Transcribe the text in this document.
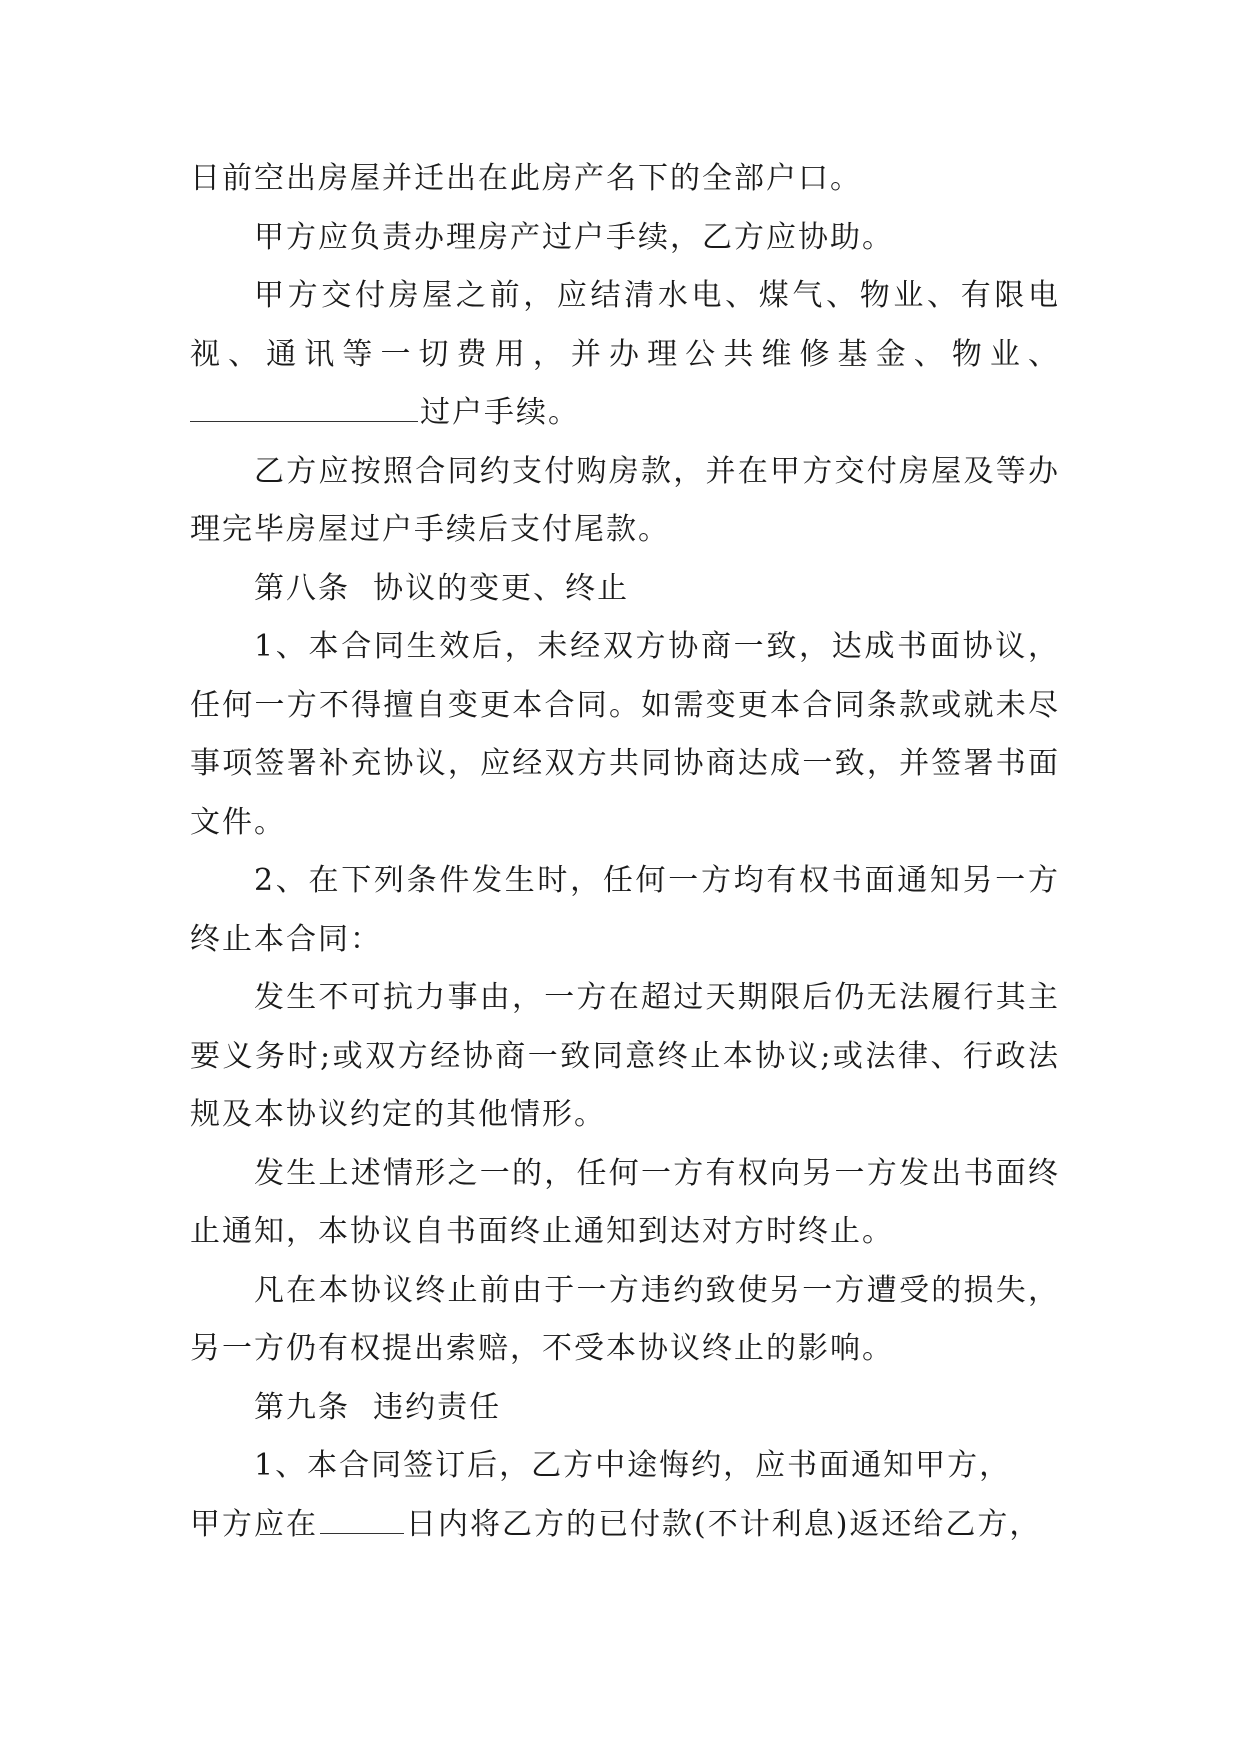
日前空出房屋并迁出在此房产名下的全部户口。

甲方应负责办理房产过户手续，乙方应协助。

甲方交付房屋之前，应结清水电、煤气、物业、有限电视、通讯等一切费用，并办理公共维修基金、物业、过户手续。

乙方应按照合同约支付购房款，并在甲方交付房屋及等办理完毕房屋过户手续后支付尾款。

第八条  协议的变更、终止

1、本合同生效后，未经双方协商一致，达成书面协议，任何一方不得擅自变更本合同。如需变更本合同条款或就未尽事项签署补充协议，应经双方共同协商达成一致，并签署书面文件。

2、在下列条件发生时，任何一方均有权书面通知另一方终止本合同：

发生不可抗力事由，一方在超过天期限后仍无法履行其主要义务时;或双方经协商一致同意终止本协议;或法律、行政法规及本协议约定的其他情形。

发生上述情形之一的，任何一方有权向另一方发出书面终止通知，本协议自书面终止通知到达对方时终止。

凡在本协议终止前由于一方违约致使另一方遭受的损失，另一方仍有权提出索赔，不受本协议终止的影响。

第九条  违约责任

1、本合同签订后，乙方中途悔约，应书面通知甲方，

甲方应在	日内将乙方的已付款(不计利息)返还给乙方，
